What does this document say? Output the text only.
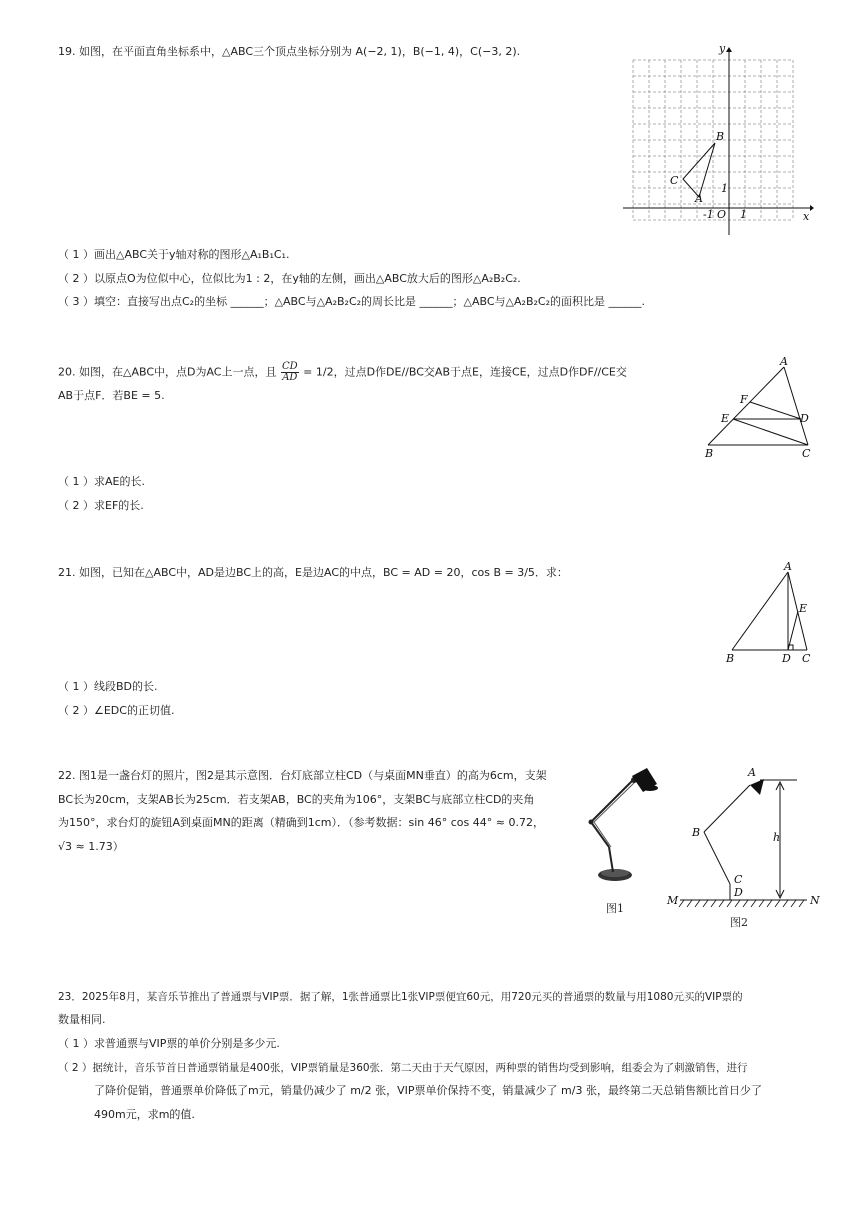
19. 如图，在平面直角坐标系中，△ABC三个顶点坐标分别为 A(−2, 1)，B(−1, 4)，C(−3, 2).
（ 1 ）画出△ABC关于y轴对称的图形△A₁B₁C₁.
（ 2 ）以原点O为位似中心，位似比为1 : 2，在y轴的左侧，画出△ABC放大后的图形△A₂B₂C₂.
（ 3 ）填空：直接写出点C₂的坐标 ______；△ABC与△A₂B₂C₂的周长比是 ______；△ABC与△A₂B₂C₂的面积比是 ______.
y
x
B
C
A
1
-1 O 1
20. 如图，在△ABC中，点D为AC上一点，且 $\frac{CD}{AD} = 1/2$，过点D作DE//BC交AB于点E，连接CE，过点D作DF//CE交
AB于点F．若BE = 5.
（ 1 ）求AE的长.
（ 2 ）求EF的长.
A
F
E	D
B	C
21. 如图，已知在△ABC中，AD是边BC上的高，E是边AC的中点，BC = AD = 20，cos B = 3/5．求：
（ 1 ）线段BD的长.
（ 2 ）∠EDC的正切值.
A
E
B	D C
22. 图1是一盏台灯的照片，图2是其示意图．台灯底部立柱CD（与桌面MN垂直）的高为6cm，支架
BC长为20cm，支架AB长为25cm．若支架AB，BC的夹角为106°，支架BC与底部立柱CD的夹角
为150°，求台灯的旋钮A到桌面MN的距离（精确到1cm）．（参考数据：sin 46° cos 44° ≈ 0.72，
√3 ≈ 1.73）
图1
A
B
C
D
M	N
h
图2
23．2025年8月，某音乐节推出了普通票与VIP票．据了解，1张普通票比1张VIP票便宜60元，用720元买的普通票的数量与用1080元买的VIP票的
数量相同.
（ 1 ）求普通票与VIP票的单价分别是多少元.
（ 2 ）据统计，音乐节首日普通票销量是400张，VIP票销量是360张．第二天由于天气原因，两种票的销售均受到影响，组委会为了刺激销售，进行
了降价促销，普通票单价降低了m元，销量仍减少了 m/2 张，VIP票单价保持不变，销量减少了 m/3 张，最终第二天总销售额比首日少了
490m元，求m的值.
